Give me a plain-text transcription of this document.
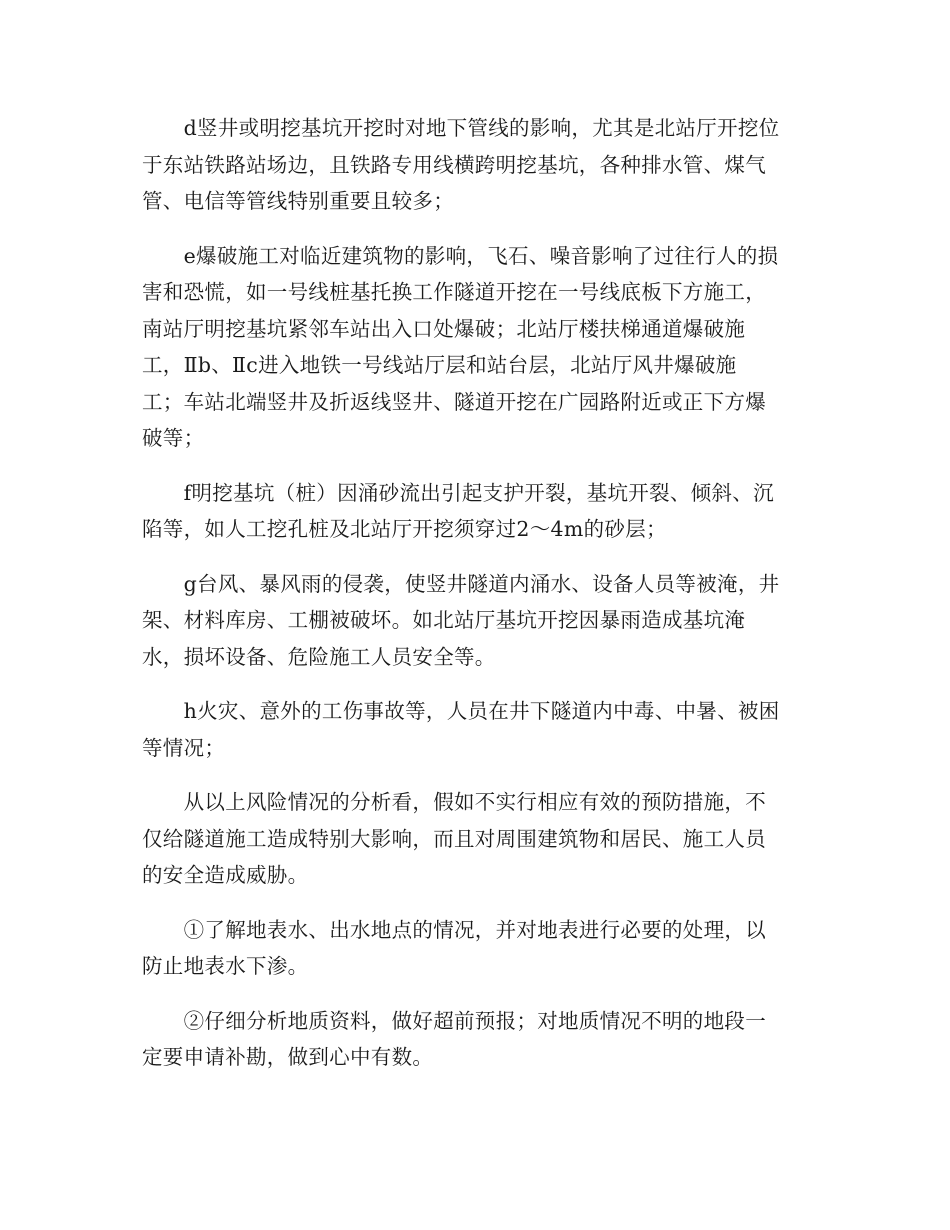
　　d竖井或明挖基坑开挖时对地下管线的影响，尤其是北站厅开挖位
于东站铁路站场边，且铁路专用线横跨明挖基坑，各种排水管、煤气
管、电信等管线特别重要且较多；

　　e爆破施工对临近建筑物的影响，飞石、噪音影响了过往行人的损
害和恐慌，如一号线桩基托换工作隧道开挖在一号线底板下方施工，
南站厅明挖基坑紧邻车站出入口处爆破；北站厅楼扶梯通道爆破施
工，Ⅱb、Ⅱc进入地铁一号线站厅层和站台层，北站厅风井爆破施
工；车站北端竖井及折返线竖井、隧道开挖在广园路附近或正下方爆
破等；

　　f明挖基坑（桩）因涌砂流出引起支护开裂，基坑开裂、倾斜、沉
陷等，如人工挖孔桩及北站厅开挖须穿过2～4m的砂层；

　　g台风、暴风雨的侵袭，使竖井隧道内涌水、设备人员等被淹，井
架、材料库房、工棚被破坏。如北站厅基坑开挖因暴雨造成基坑淹
水，损坏设备、危险施工人员安全等。

　　h火灾、意外的工伤事故等，人员在井下隧道内中毒、中暑、被困
等情况；

　　从以上风险情况的分析看，假如不实行相应有效的预防措施，不
仅给隧道施工造成特别大影响，而且对周围建筑物和居民、施工人员
的安全造成威胁。

　　①了解地表水、出水地点的情况，并对地表进行必要的处理，以
防止地表水下渗。

　　②仔细分析地质资料，做好超前预报；对地质情况不明的地段一
定要申请补勘，做到心中有数。
